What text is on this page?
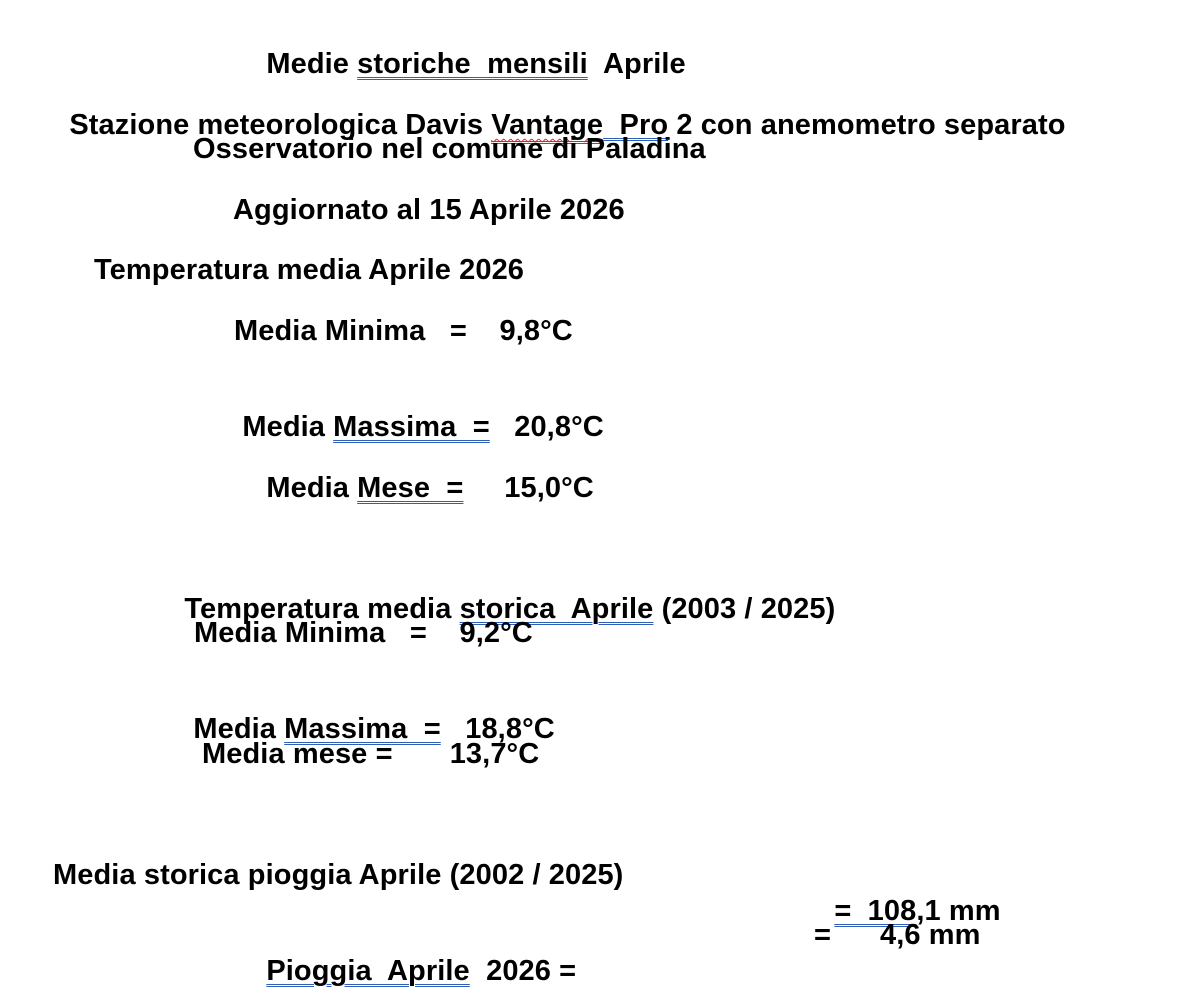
Medie storiche  mensili  Aprile

Stazione meteorologica Davis Vantage Pro 2 con anemometro separato

Osservatorio nel comune di Paladina
Aggiornato al 15 Aprile 2026
Temperatura media Aprile 2026
Media Minima   =    9,8°C

Media Massima  =   20,8°C

Media Mese  =     15,0°C

Temperatura media storica  Aprile (2003 / 2025)

Media Minima   =    9,2°C

Media Massima  =   18,8°C

Media mese =       13,7°C
Media storica pioggia Aprile (2002 / 2025)

=  108,1 mm

Pioggia  Aprile  2026 =

=      4,6 mm
